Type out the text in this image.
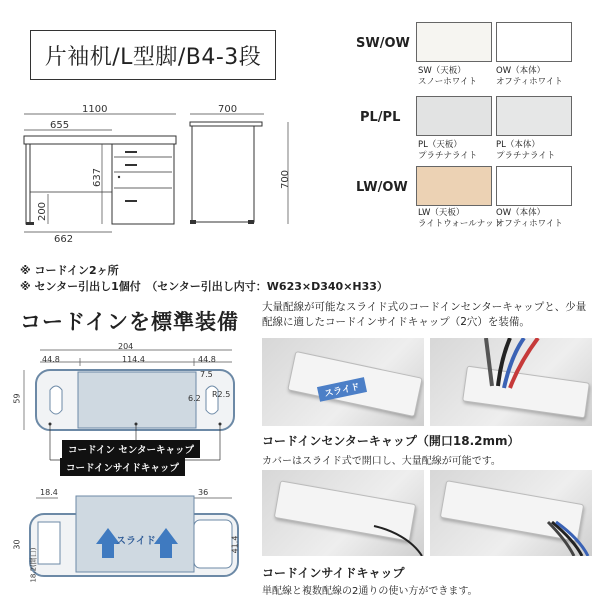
片袖机/L型脚/B4-3段
1100
655
637
200
662
700
700
SW/OW
SW（天板）
スノーホワイト
OW（本体）
オフティホワイト
PL/PL
PL（天板）
プラチナライト
PL（本体）
プラチナライト
LW/OW
LW（天板）
ライトウォールナット
OW（本体）
オフティホワイト
※ コードイン2ヶ所
※ センター引出し1個付　（センター引出し内寸：W623×D340×H33）
コードインを標準装備
大量配線が可能なスライド式のコードインセンターキャップと、少量配線に適したコードインサイドキャップ（2穴）を装備。
204
44.8	114.4	44.8
59
7.5
6.2 R2.5
コードイン センターキャップ
コードインサイドキャップ
18.4	36
30
18.2(開口)
41.4
スライド
スライド
コードインセンターキャップ（開口18.2mm）
カバーはスライド式で開口し、大量配線が可能です。
コードインサイドキャップ
単配線と複数配線の2通りの使い方ができます。
